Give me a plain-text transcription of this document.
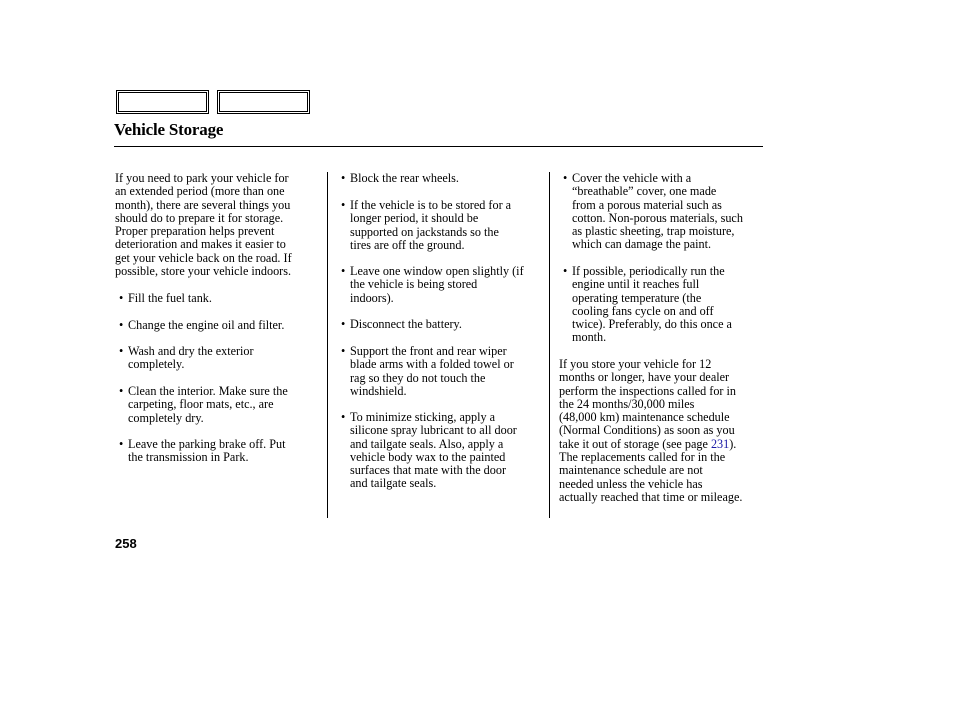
Vehicle Storage

If you need to park your vehicle for

an extended period (more than one

month), there are several things you

should do to prepare it for storage.

Proper preparation helps prevent

deterioration and makes it easier to

get your vehicle back on the road. If

possible, store your vehicle indoors.

• Fill the fuel tank.

• Change the engine oil and filter.

• Wash and dry the exterior

completely.

• Clean the interior. Make sure the

carpeting, floor mats, etc., are

completely dry.

• Leave the parking brake off. Put

the transmission in Park.

• Block the rear wheels.

• If the vehicle is to be stored for a

longer period, it should be

supported on jackstands so the

tires are off the ground.

• Leave one window open slightly (if

the vehicle is being stored

indoors).

• Disconnect the battery.

• Support the front and rear wiper

blade arms with a folded towel or

rag so they do not touch the

windshield.

• To minimize sticking, apply a

silicone spray lubricant to all door

and tailgate seals. Also, apply a

vehicle body wax to the painted

surfaces that mate with the door

and tailgate seals.

• Cover the vehicle with a

“breathable” cover, one made

from a porous material such as

cotton. Non-porous materials, such

as plastic sheeting, trap moisture,

which can damage the paint.

• If possible, periodically run the

engine until it reaches full

operating temperature (the

cooling fans cycle on and off

twice). Preferably, do this once a

month.

If you store your vehicle for 12

months or longer, have your dealer

perform the inspections called for in

the 24 months/30,000 miles

(48,000 km) maintenance schedule

(Normal Conditions) as soon as you

take it out of storage (see page 231).

The replacements called for in the

maintenance schedule are not

needed unless the vehicle has

actually reached that time or mileage.

258
